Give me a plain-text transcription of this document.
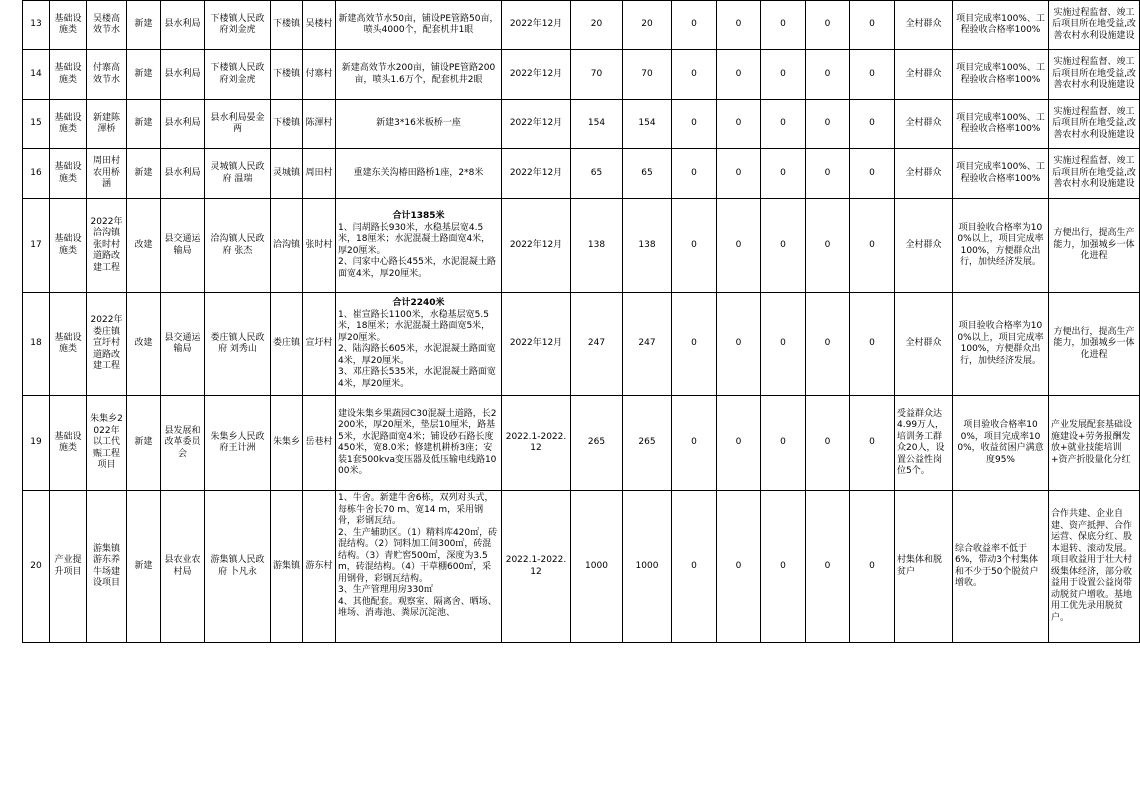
13	基础设施类	吴楼高效节水	新建	县水利局	下楼镇人民政府刘金虎	下楼镇	吴楼村	新建高效节水50亩，铺设PE管路50亩，喷头4000个，配套机井1眼	2022年12月	20	20	0	0	0	0	0	全村群众	项目完成率100%、工程验收合格率100%	实施过程监督、竣工后项目所在地受益,改善农村水利设施建设
14	基础设施类	付寨高效节水	新建	县水利局	下楼镇人民政府刘金虎	下楼镇	付寨村	新建高效节水200亩，铺设PE管路200亩，喷头1.6万个，配套机井2眼	2022年12月	70	70	0	0	0	0	0	全村群众	项目完成率100%、工程验收合格率100%	实施过程监督、竣工后项目所在地受益,改善农村水利设施建设
15	基础设施类	新建陈渾桥	新建	县水利局	县水利局晏金两	下楼镇	陈渾村	新建3*16米板桥一座	2022年12月	154	154	0	0	0	0	0	全村群众	项目完成率100%、工程验收合格率100%	实施过程监督、竣工后项目所在地受益,改善农村水利设施建设
16	基础设施类	周田村农用桥涵	新建	县水利局	灵城镇人民政府 温瑞	灵城镇	周田村	重建东关沟椿田路桥1座，2*8米	2022年12月	65	65	0	0	0	0	0	全村群众	项目完成率100%、工程验收合格率100%	实施过程监督、竣工后项目所在地受益,改善农村水利设施建设
17	基础设施类	2022年洽沟镇张时村道路改建工程	改建	县交通运输局	洽沟镇人民政府 张杰	洽沟镇	张时村	合计1385米
1、闫胡路长930米，水稳基层宽4.5米，18厘米；水泥混凝土路面宽4米，厚20厘米。
2、闫家中心路长455米，水泥混凝土路面宽4米，厚20厘米。	2022年12月	138	138	0	0	0	0	0	全村群众	项目验收合格率为100%以上，项目完成率100%，方便群众出行，加快经济发展。	方便出行，提高生产能力，加强城乡一体化进程
18	基础设施类	2022年娄庄镇宣圩村道路改建工程	改建	县交通运输局	娄庄镇人民政府 刘秀山	娄庄镇	宣圩村	合计2240米
1、崔宣路长1100米，水稳基层宽5.5米，18厘米；水泥混凝土路面宽5米，厚20厘米。
2、陆沟路长605米，水泥混凝土路面宽4米，厚20厘米。
3、邓庄路长535米，水泥混凝土路面宽4米，厚20厘米。	2022年12月	247	247	0	0	0	0	0	全村群众	项目验收合格率为100%以上，项目完成率100%，方便群众出行，加快经济发展。	方便出行，提高生产能力，加强城乡一体化进程
19	基础设施类	朱集乡2022年以工代赈工程项目	新建	县发展和改革委员会	朱集乡人民政府王计洲	朱集乡	岳巷村	建设朱集乡果蔬园C30混凝土道路，长2200米，厚20厘米，垫层10厘米，路基5米，水泥路面宽4米；铺设砂石路长度450米，宽8.0米；修建机耕桥3座；安装1套500kva变压器及低压输电线路1000米。	2022.1-2022.12	265	265	0	0	0	0	0	受益群众达4.99万人，培训务工群众20人，设置公益性岗位5个。	项目验收合格率100%，项目完成率100%，收益贫困户满意度95%	产业发展配套基础设施建设+劳务报酬发放+就业技能培训+资产折股量化分红
20	产业提升项目	游集镇游东养牛场建设项目	新建	县农业农村局	游集镇人民政府 卜凡永	游集镇	游东村	1、牛舍。新建牛舍6栋，双列对头式，每栋牛舍长70 m、宽14 m，采用钢骨，彩钢瓦结。
2、生产辅助区。（1）精料库420㎡，砖混结构。（2）饲料加工间300㎡，砖混结构。（3）青贮窖500㎡，深度为3.5m，砖混结构。（4）干草棚600㎡，采用钢骨，彩钢瓦结构。
3、生产管理用房330㎡
4、其他配套。观察室、隔离舍、晒场、堆场、消毒池、粪尿沉淀池、	2022.1-2022.12	1000	1000	0	0	0	0	0	村集体和脱贫户	综合收益率不低于6%，带动3个村集体和不少于50个脱贫户增收。	合作共建、企业自建、资产抵押、合作运营、保底分红、股本退转、滚动发展。项目收益用于壮大村级集体经济，部分收益用于设置公益岗带动脱贫户增收。基地用工优先录用脱贫户。
